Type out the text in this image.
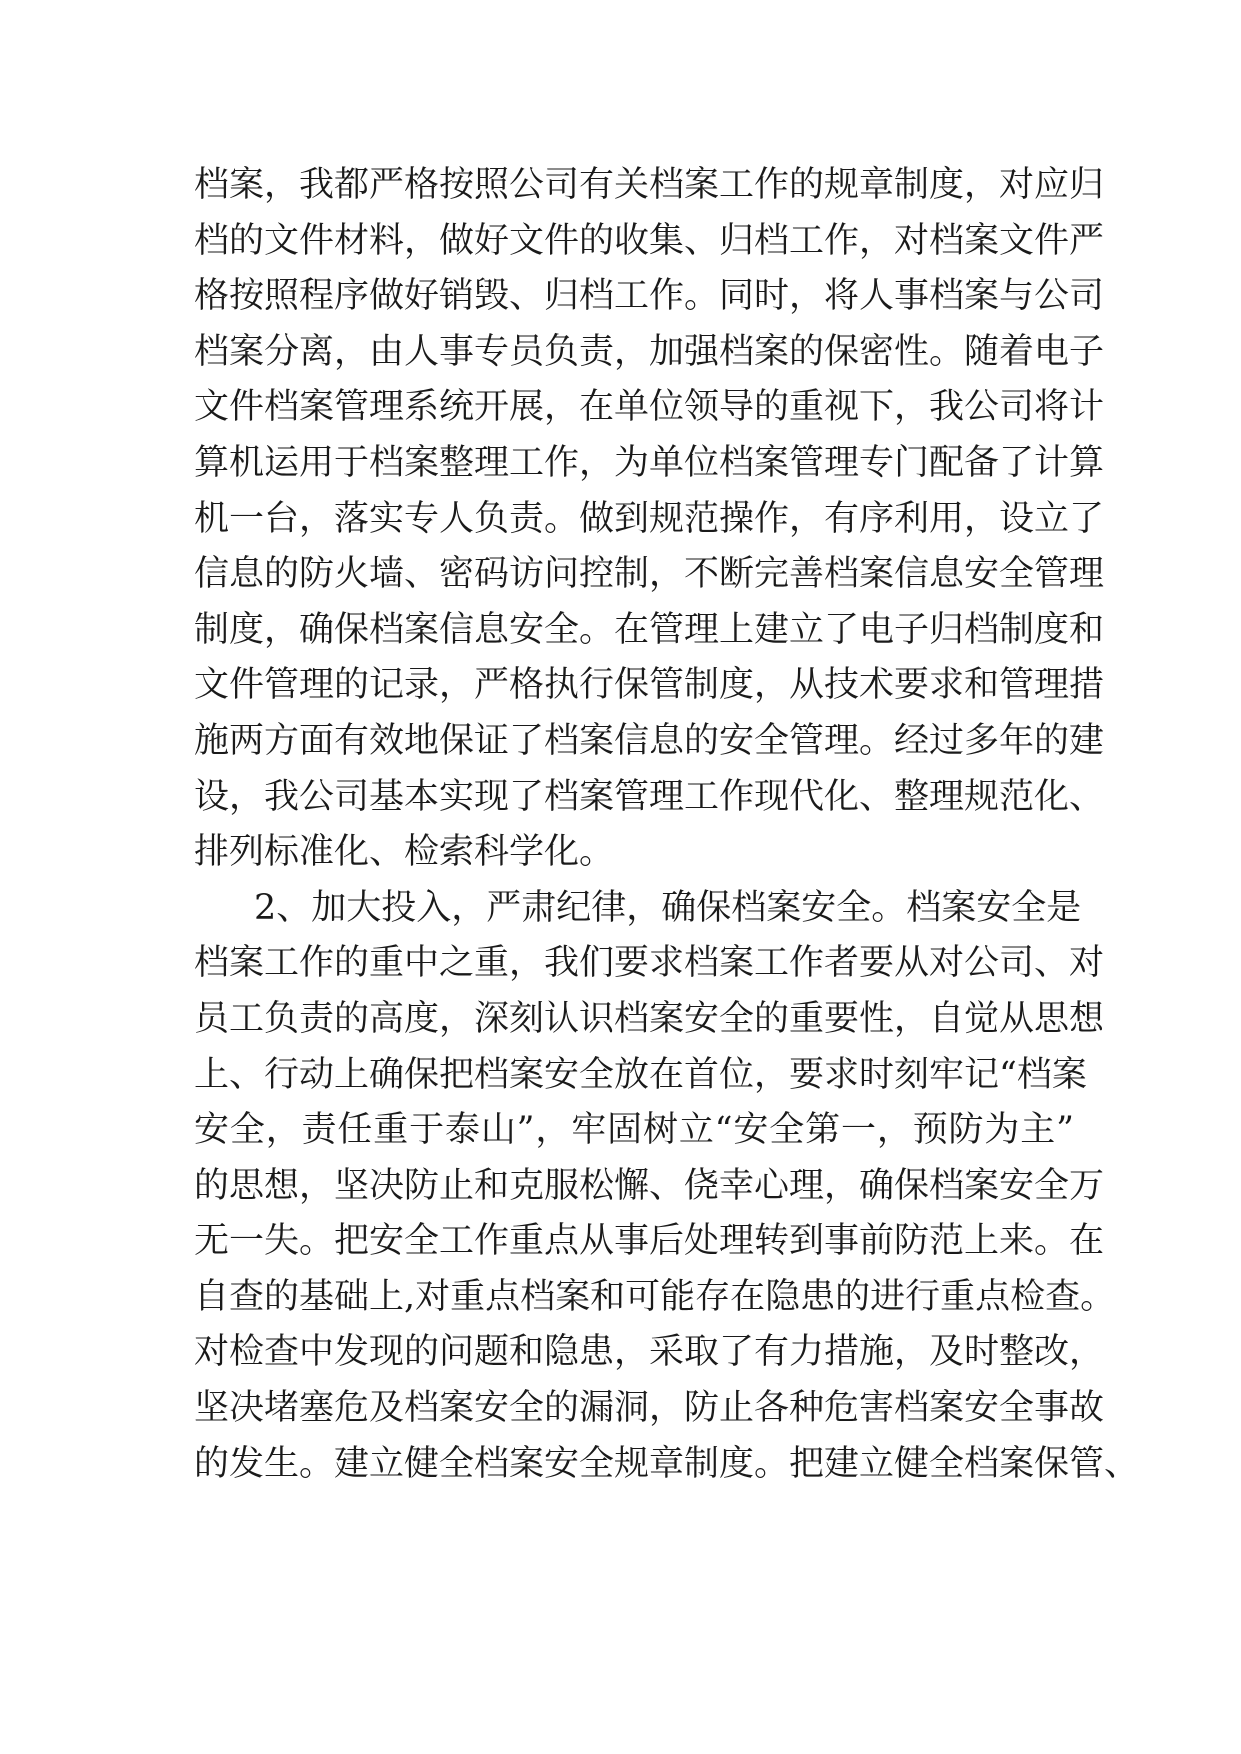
档案，我都严格按照公司有关档案工作的规章制度，对应归
档的文件材料，做好文件的收集、归档工作，对档案文件严
格按照程序做好销毁、归档工作。同时，将人事档案与公司
档案分离，由人事专员负责，加强档案的保密性。随着电子
文件档案管理系统开展，在单位领导的重视下，我公司将计
算机运用于档案整理工作，为单位档案管理专门配备了计算
机一台，落实专人负责。做到规范操作，有序利用，设立了
信息的防火墙、密码访问控制，不断完善档案信息安全管理
制度，确保档案信息安全。在管理上建立了电子归档制度和
文件管理的记录，严格执行保管制度，从技术要求和管理措
施两方面有效地保证了档案信息的安全管理。经过多年的建
设，我公司基本实现了档案管理工作现代化、整理规范化、
排列标准化、检索科学化。
2、加大投入，严肃纪律，确保档案安全。档案安全是
档案工作的重中之重，我们要求档案工作者要从对公司、对
员工负责的高度，深刻认识档案安全的重要性，自觉从思想
上、行动上确保把档案安全放在首位，要求时刻牢记“档案
安全，责任重于泰山”，牢固树立“安全第一，预防为主”
的思想，坚决防止和克服松懈、侥幸心理，确保档案安全万
无一失。把安全工作重点从事后处理转到事前防范上来。在
自查的基础上,对重点档案和可能存在隐患的进行重点检查。
对检查中发现的问题和隐患，采取了有力措施，及时整改，
坚决堵塞危及档案安全的漏洞，防止各种危害档案安全事故
的发生。建立健全档案安全规章制度。把建立健全档案保管、
